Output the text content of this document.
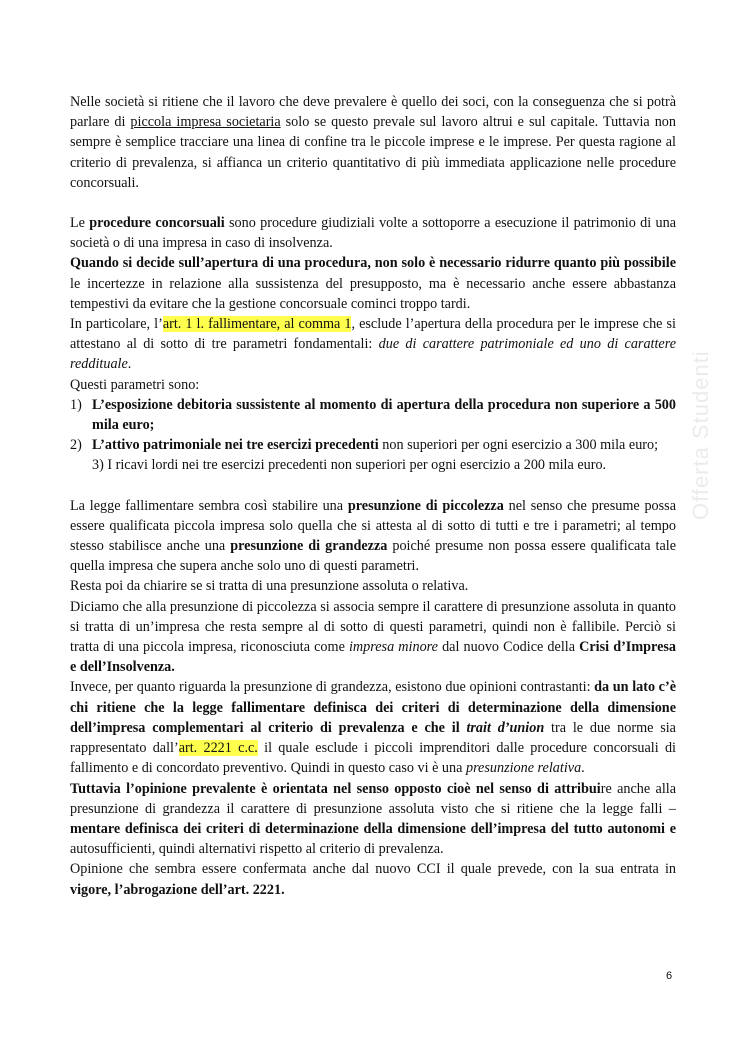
Nelle società si ritiene che il lavoro che deve prevalere è quello dei soci, con la conseguenza che si potrà parlare di piccola impresa societaria solo se questo prevale sul lavoro altrui e sul capitale. Tuttavia non sempre è semplice tracciare una linea di confine tra le piccole imprese e le imprese. Per questa ragione al criterio di prevalenza, si affianca un criterio quantitativo di più immediata applicazione nelle procedure concorsuali.

Le procedure concorsuali sono procedure giudiziali volte a sottoporre a esecuzione il patrimonio di una società o di una impresa in caso di insolvenza.

Quando si decide sull’apertura di una procedura, non solo è necessario ridurre quanto più possibile le incertezze in relazione alla sussistenza del presupposto, ma è necessario anche essere abbastanza tempestivi da evitare che la gestione concorsuale cominci troppo tardi.

In particolare, l’art. 1 l. fallimentare, al comma 1, esclude l’apertura della procedura per le imprese che si attestano al di sotto di tre parametri fondamentali: due di carattere patrimoniale ed uno di carattere reddituale.

Questi parametri sono:

1) L’esposizione debitoria sussistente al momento di apertura della procedura non superiore a 500 mila euro;
2) L’attivo patrimoniale nei tre esercizi precedenti non superiori per ogni esercizio a 300 mila euro;

3) I ricavi lordi nei tre esercizi precedenti non superiori per ogni esercizio a 200 mila euro.

La legge fallimentare sembra così stabilire una presunzione di piccolezza nel senso che presume possa essere qualificata piccola impresa solo quella che si attesta al di sotto di tutti e tre i parametri; al tempo stesso stabilisce anche una presunzione di grandezza poiché presume non possa essere qualificata tale quella impresa che supera anche solo uno di questi parametri.

Resta poi da chiarire se si tratta di una presunzione assoluta o relativa.

Diciamo che alla presunzione di piccolezza si associa sempre il carattere di presunzione assoluta in quanto si tratta di un’impresa che resta sempre al di sotto di questi parametri, quindi non è fallibile. Perciò si tratta di una piccola impresa, riconosciuta come impresa minore dal nuovo Codice della Crisi d’Impresa e dell’Insolvenza.

Invece, per quanto riguarda la presunzione di grandezza, esistono due opinioni contrastanti: da un lato c’è chi ritiene che la legge fallimentare definisca dei criteri di determinazione della dimensione dell’impresa complementari al criterio di prevalenza e che il trait d’union tra le due norme sia rappresentato dall’art. 2221 c.c. il quale esclude i piccoli imprenditori dalle procedure concorsuali di fallimento e di concordato preventivo. Quindi in questo caso vi è una presunzione relativa.

Tuttavia l’opinione prevalente è orientata nel senso opposto cioè nel senso di attribuire anche alla presunzione di grandezza il carattere di presunzione assoluta visto che si ritiene che la legge falli – mentare definisca dei criteri di determinazione della dimensione dell’impresa del tutto autonomi e autosufficienti, quindi alternativi rispetto al criterio di prevalenza.

Opinione che sembra essere confermata anche dal nuovo CCI il quale prevede, con la sua entrata in vigore, l’abrogazione dell’art. 2221.

Offerta Studenti
6
